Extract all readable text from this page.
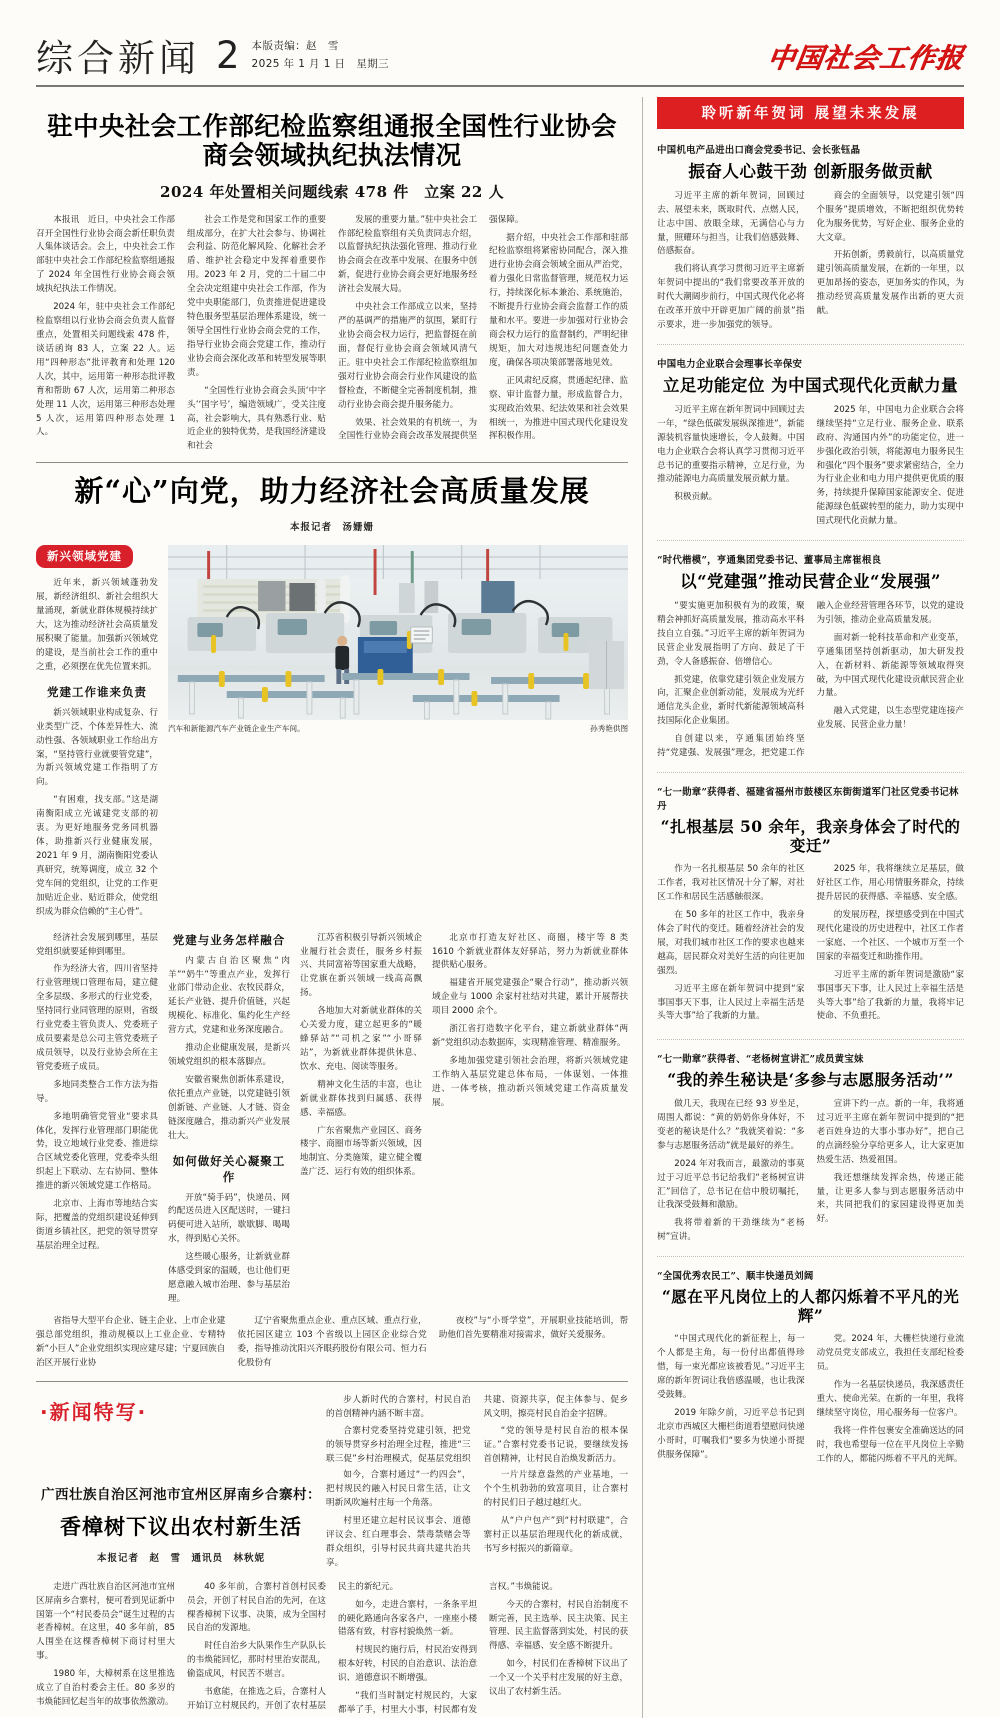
综合新闻 2 本版责编：赵　雪
2025 年 1 月 1 日　星期三	中国社会工作报
驻中央社会工作部纪检监察组通报全国性行业协会商会领域执纪执法情况
2024 年处置相关问题线索 478 件　立案 22 人

本报讯　近日，中央社会工作部召开全国性行业协会商会新任职负责人集体谈话会。会上，中央社会工作部驻中央社会工作部纪检监察组通报了 2024 年全国性行业协会商会领域执纪执法工作情况。

2024 年，驻中央社会工作部纪检监察组以行业协会商会负责人监督重点，处置相关问题线索 478 件，谈话函询 83 人，立案 22 人。运用“四种形态”批评教育和处理 120 人次，其中，运用第一种形态批评教育和帮助 67 人次，运用第二种形态处理 11 人次，运用第三种形态处理 5 人次，运用第四种形态处理 1 人。

社会工作是党和国家工作的重要组成部分，在扩大社会参与、协调社会利益、防范化解风险、化解社会矛盾、维护社会稳定中发挥着重要作用。2023 年 2 月，党的二十届二中全会决定组建中央社会工作部，作为党中央职能部门，负责推进促进建设特色服务型基层治理体系建设，统一领导全国性行业协会商会党的工作，指导行业协会商会党建工作，推动行业协会商会深化改革和转型发展等职责。

“全国性行业协会商会头顶‘中字头’‘国字号’，编造领域广，受关注度高，社会影响大，具有熟悉行业、贴近企业的独特优势，是我国经济建设和社会

发展的重要力量。”驻中央社会工作部纪检监察组有关负责同志介绍，以监督执纪执法强化管理、推动行业协会商会在改革中发展、在服务中创新，促进行业协会商会更好地服务经济社会发展大局。

中央社会工作部成立以来，坚持严的基调严的措施严的氛围，紧盯行业协会商会权力运行，把监督挺在前面，督促行业协会商会领域风清气正。驻中央社会工作部纪检监察组加强对行业协会商会行业作风建设的监督检查，不断健全完善制度机制，推动行业协会商会提升服务能力。

效果、社会效果的有机统一，为全国性行业协会商会改革发展提供坚强保障。

据介绍，中央社会工作部和驻部纪检监察组将紧密协同配合，深入推进行业协会商会领域全面从严治党，着力强化日常监督管理，规范权力运行，持续深化标本兼治、系统施治，不断提升行业协会商会监督工作的质量和水平。要进一步加强对行业协会商会权力运行的监督制约，严明纪律规矩，加大对违规违纪问题查处力度，确保各项决策部署落地见效。

正风肃纪反腐，贯通起纪律、监察、审计监督力量，形成监督合力，实现政治效果、纪法效果和社会效果相统一，为推进中国式现代化建设发挥积极作用。

新“心”向党，助力经济社会高质量发展
本报记者　汤姗姗
新兴领域党建

近年来，新兴领域蓬勃发展，新经济组织、新社会组织大量涌现，新就业群体规模持续扩大，这为推动经济社会高质量发展积聚了能量。加强新兴领域党的建设，是当前社会工作的重中之重，必须摆在优先位置来抓。

党建工作谁来负责

新兴领域职业构成复杂、行业类型广泛、个体差异性大、流动性强、各领域职业工作给出方案，“坚持管行业就要管党建”，为新兴领域党建工作指明了方向。

“有困难，找支部。”这是湖南衡阳成立光诚建党支部的初衷。为更好地服务党务同机器体，助推新兴行业健康发展，2021 年 9 月，湖南衡阳党委认真研究，统筹调度，成立 32 个党车间的党组织，让党的工作更加贴近企业、贴近群众，使党组织成为群众信赖的“主心骨”。

汽车和新能源汽车产业链企业生产车间。	孙秀艳供图

经济社会发展到哪里，基层党组织就要延伸到哪里。

作为经济大省，四川省坚持行业管理规口管理布局，建立健全多层级、多形式的行业党委，坚持同行业同管理的原则，省级行业党委主管负责人、党委班子成员要素是总公司主管党委班子成员领导，以及行业协会所在主管党委班子成员。

多地同类整合工作方法为指导。

多地明确管党管业“要求具体化，发挥行业管理部门职能优势，设立地域行业党委、推进综合区域党委化管理，党委牵头组织起上下联动、左右协同、整体推进的新兴领域党建工作格局。

北京市、上海市等地结合实际，把覆盖的党组织建设延伸到街道乡镇社区，把党的领导贯穿基层治理全过程。

党建与业务怎样融合

内蒙古自治区聚焦“肉羊”“奶牛”等重点产业，发挥行业部门带动企业、农牧民群众，延长产业链、提升价值链，兴起规模化、标准化、集约化生产经营方式，党建和业务深度融合。

推动企业健康发展，是新兴领域党组织的根本落脚点。

安徽省聚焦创新体系建设，依托重点产业链，以党建链引领创新链、产业链、人才链、资金链深度融合，推动新兴产业发展壮大。

如何做好关心凝聚工作

开放“骑手码”，快递员、网约配送员进入区配送时，一键扫码便可进入站所，歇歇脚、喝喝水，得到贴心关怀。

这些暖心服务，让新就业群体感受到家的温暖，也让他们更愿意融入城市治理、参与基层治理。

江苏省积极引导新兴领域企业履行社会责任，服务乡村振兴、共同富裕等国家重大战略，让党旗在新兴领域一线高高飘扬。

各地加大对新就业群体的关心关爱力度，建立起更多的“暖蜂驿站”“司机之家”“小哥驿站”，为新就业群体提供休息、饮水、充电、阅读等服务。

精神文化生活的丰富，也让新就业群体找到归属感、获得感、幸福感。

广东省聚焦产业园区、商务楼宇、商圈市场等新兴领域，因地制宜、分类施策，建立健全覆盖广泛、运行有效的组织体系。

北京市打造友好社区、商圈，楼宇等 8 类 1610 个新就业群体友好驿站，努力为新就业群体提供贴心服务。

福建省开展党建强企“聚合行动”，推动新兴领域企业与 1000 余家村社结对共建，累计开展帮扶项目 2000 余个。

浙江省打造数字化平台，建立新就业群体“两新”党组织动态数据库，实现精准管理、精准服务。

多地加强党建引领社会治理，将新兴领域党建工作纳入基层党建总体布局，一体谋划、一体推进、一体考核，推动新兴领域党建工作高质量发展。

省指导大型平台企业、链主企业、上市企业建强总部党组织，推动规模以上工业企业、专精特新“小巨人”企业党组织实现应建尽建；宁夏回族自治区开展行业协

辽宁省聚焦重点企业、重点区域、重点行业，依托园区建立 103 个省级以上园区企业综合党委，指导推动沈阳兴齐眼药股份有限公司、恒力石化股份有

夜校”与“小哥学堂”，开展职业技能培训，帮助他们首先要精准对接需求，做好关爱服务。

·新闻特写·	步人新时代的合寨村，村民自治的首创精神内涵不断丰富。

合寨村党委坚持党建引领，把党的领导贯穿乡村治理全过程，推进“三联三促”乡村治理模式，促基层党组织共建、资源共享，促主体参与、促乡风文明，擦亮村民自治金字招牌。

“党的领导是村民自治的根本保证。”合寨村党委书记说，要继续发扬首创精神，让村民自治焕发新活力。

广西壮族自治区河池市宜州区屏南乡合寨村：
香樟树下议出农村新生活
本报记者　赵　雪　通讯员　林秋妮

如今，合寨村通过“一约四会”，把村规民约融入村民日常生活，让文明新风吹遍村庄每一个角落。

村里还建立起村民议事会、道德评议会、红白理事会、禁毒禁赌会等群众组织，引导村民共商共建共治共享。

一片片绿意盎然的产业基地，一个个生机勃勃的致富项目，让合寨村的村民们日子越过越红火。

从“户户包产”到“村村联建”，合寨村正以基层治理现代化的新成就，书写乡村振兴的新篇章。

走进广西壮族自治区河池市宜州区屏南乡合寨村，便可看到见证新中国第一个“村民委员会”诞生过程的古老香樟树。在这里，40 多年前，85 人围坐在这棵香樟树下商讨村里大事。

1980 年，大樟树系在这里推选成立了自治村委会主任。80 多岁的韦焕能回忆起当年的故事依然激动。

40 多年前，合寨村首创村民委员会，开创了村民自治的先河，在这棵香樟树下议事、决策，成为全国村民自治的发源地。

时任自治乡大队果作生产队队长的韦焕能回忆，那时村里治安混乱，偷盗成风，村民苦不堪言。

书愈能，在推选之后，合寨村人开始订立村规民约，开创了农村基层民主的新纪元。

如今，走进合寨村，一条条平坦的硬化路通向各家各户，一座座小楼错落有致，村容村貌焕然一新。

村规民约施行后，村民治安得到根本好转，村民的自治意识、法治意识、道德意识不断增强。

“我们当时制定村规民约，大家都举了手，村里大小事，村民都有发言权。”韦焕能说。

今天的合寨村，村民自治制度不断完善，民主选举、民主决策、民主管理、民主监督落到实处，村民的获得感、幸福感、安全感不断提升。

如今，村民们在香樟树下议出了一个又一个关乎村庄发展的好主意，议出了农村新生活。

聆听新年贺词 展望未来发展
中国机电产品进出口商会党委书记、会长张钰晶
振奋人心鼓干劲 创新服务做贡献

习近平主席的新年贺词，回顾过去、展望未来，既取时代、点燃人民，让志中国、放眼全球，无满信心与力量，照耀环与担当，让我们倍感鼓舞、倍感振奋。

我们将认真学习贯彻习近平主席新年贺词中提出的“我们常要改革开放的时代大潮阔步前行，中国式现代化必将在改革开放中开辟更加广阔的前景”指示要求，进一步加强党的领导。

商会的全面领导，以党建引领“四个服务”提质增效，不断把组织优势转化为服务优势，写好企业、服务企业的大文章。

开拓创新，勇毅前行，以高质量党建引领高质量发展，在新的一年里，以更加昂扬的姿态，更加务实的作风，为推动经贸高质量发展作出新的更大贡献。

中国电力企业联合会理事长辛保安
立足功能定位 为中国式现代化贡献力量

习近平主席在新年贺词中回顾过去一年，“绿色低碳发展纵深推进”，新能源装机容量快速增长，令人鼓舞。中国电力企业联合会将认真学习贯彻习近平总书记的重要指示精神，立足行业，为推动能源电力高质量发展贡献力量。

积极贡献。

2025 年，中国电力企业联合会将继续坚持“立足行业、服务企业、联系政府、沟通国内外”的功能定位，进一步强化政治引领，将能源电力服务民生和强化“四个服务”要求紧密结合，全力为行业企业和电力用户提供更优质的服务，持续提升保障国家能源安全、促进能源绿色低碳转型的能力，助力实现中国式现代化贡献力量。

“时代楷模”，亨通集团党委书记、董事局主席崔根良
以“党建强”推动民营企业“发展强”

“要实施更加积极有为的政策，聚精会神抓好高质量发展，推动高水平科技自立自强。”习近平主席的新年贺词为民营企业发展指明了方向、鼓足了干劲，令人备感振奋、倍增信心。

抓党建，依靠党建引领企业发展方向，汇聚企业创新动能，发展成为光纤通信龙头企业，新时代新能源领域高科技国际化企业集团。

自创建以来，亨通集团始终坚持“党建强、发展强”理念，把党建工作融入企业经营管理各环节，以党的建设为引领，推动企业高质量发展。

面对新一轮科技革命和产业变革，亨通集团坚持创新驱动，加大研发投入，在新材料、新能源等领域取得突破，为中国式现代化建设贡献民营企业力量。

融入式党建，以生态型党建连接产业发展、民营企业力量！

“七一勋章”获得者、福建省福州市鼓楼区东街街道军门社区党委书记林丹
“扎根基层 50 余年，我亲身体会了时代的变迁”

作为一名扎根基层 50 余年的社区工作者，我对社区情况十分了解，对社区工作和居民生活感触很深。

在 50 多年的社区工作中，我亲身体会了时代的变迁。随着经济社会的发展，对我们城市社区工作的要求也越来越高，居民群众对美好生活的向往更加强烈。

习近平主席在新年贺词中提到“家事国事天下事，让人民过上幸福生活是头等大事”给了我新的力量。

2025 年，我将继续立足基层，做好社区工作，用心用情服务群众，持续提升居民的获得感、幸福感、安全感。

的发展历程，探望感受到在中国式现代化建设的历史进程中，社区工作者一家庭、一个社区、一个城市万至一个国家的幸福变迁和助推作用。

习近平主席的新年贺词是激励“家事国事天下事，让人民过上幸福生活是头等大事”给了我新的力量，我将牢记使命、不负重托。

“七一勋章”获得者、“老杨树宣讲汇”成员黄宝妹
“我的养生秘诀是‘多参与志愿服务活动’”

做几天，我现在已经 93 岁坐足，周围人都说：“黄的奶奶你身体好，不变老的秘诀是什么？”我就笑着说：“多参与志愿服务活动”就是最好的养生。

2024 年对我而言，最激动的事莫过于习近平总书记给我们“老杨树宣讲汇”回信了，总书记在信中殷切嘱托，让我深受鼓舞和激励。

我将带着新的干劲继续为“老杨树”宣讲。

宣讲下约一点。新的一年，我将通过习近平主席在新年贺词中提到的“把老百姓身边的大事小事办好”，把自己的点滴经验分享给更多人，让大家更加热爱生活、热爱祖国。

我还想继续发挥余热，传递正能量，让更多人参与到志愿服务活动中来，共同把我们的家园建设得更加美好。

“全国优秀农民工”、顺丰快递员刘阔
“愿在平凡岗位上的人都闪烁着不平凡的光辉”

“中国式现代化的新征程上，每一个人都是主角，每一份付出都值得珍惜，每一束光都应该被看见。”习近平主席的新年贺词让我倍感温暖，也让我深受鼓舞。

2019 年除夕前，习近平总书记到北京市西城区大栅栏街道看望慰问快递小哥时，叮嘱我们“要多为快递小哥提供服务保障”。

党。2024 年，大栅栏快递行业流动党员党支部成立，我担任支部纪检委员。

作为一名基层快递员，我深感责任重大、使命光荣。在新的一年里，我将继续坚守岗位，用心服务每一位客户。

我将一件件包裹安全准确送达的同时，我也希望每一位在平凡岗位上辛勤工作的人，都能闪烁着不平凡的光辉。
